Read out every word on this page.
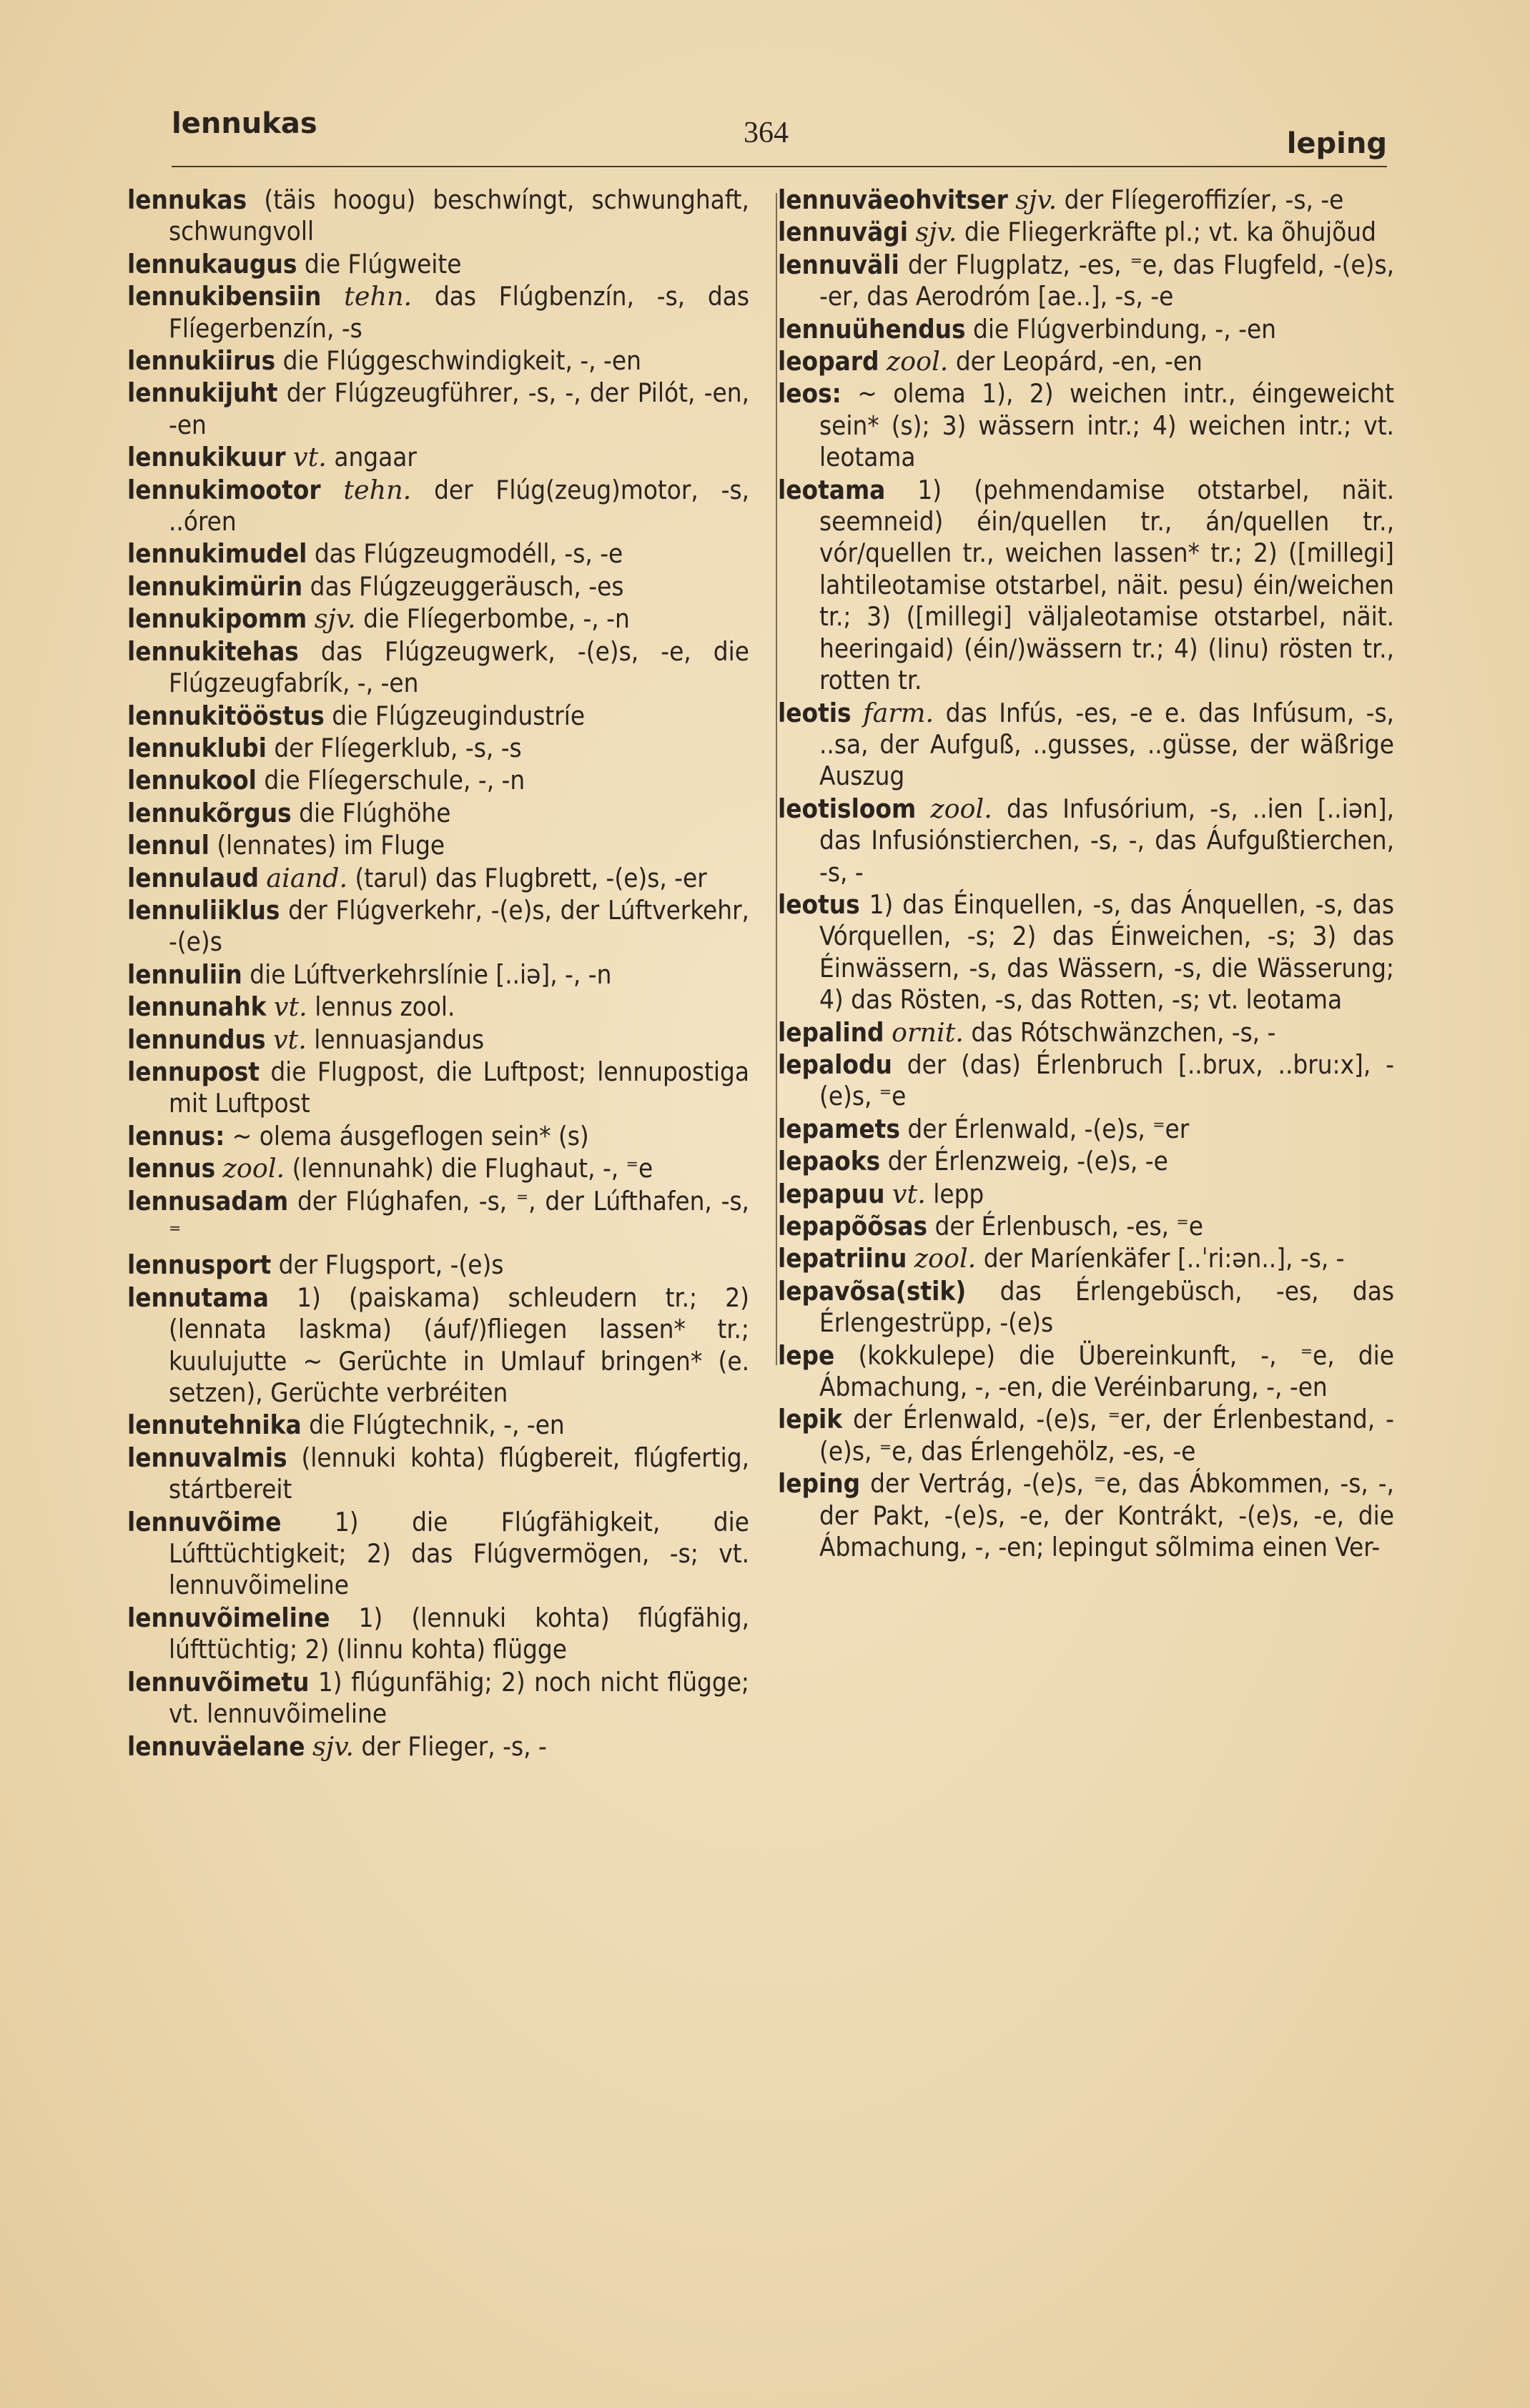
lennukas	364	leping
lennukas (täis hoogu) beschwíngt, schwunghaft, schwungvoll
lennukaugus die Flúgweite
lennukibensiin tehn. das Flúgbenzín, -s, das Flíegerbenzín, -s
lennukiirus die Flúggeschwindigkeit, -, -en
lennukijuht der Flúgzeugführer, -s, -, der Pilót, -en, -en
lennukikuur vt. angaar
lennukimootor tehn. der Flúg(zeug)motor, -s, ..óren
lennukimudel das Flúgzeugmodéll, -s, -e
lennukimürin das Flúgzeuggeräusch, -es
lennukipomm sjv. die Flíegerbombe, -, -n
lennukitehas das Flúgzeugwerk, -(e)s, -e, die Flúgzeugfabrík, -, -en
lennukitööstus die Flúgzeugindustríe
lennuklubi der Flíegerklub, -s, -s
lennukool die Flíegerschule, -, -n
lennukõrgus die Flúghöhe
lennul (lennates) im Fluge
lennulaud aiand. (tarul) das Flugbrett, -(e)s, -er
lennuliiklus der Flúgverkehr, -(e)s, der Lúftverkehr, -(e)s
lennuliin die Lúftverkehrslínie [..iə], -, -n
lennunahk vt. lennus zool.
lennundus vt. lennuasjandus
lennupost die Flugpost, die Luftpost; lennupostiga mit Luftpost
lennus: ~ olema áusgeflogen sein* (s)
lennus zool. (lennunahk) die Flughaut, -, ⁼e
lennusadam der Flúghafen, -s, ⁼, der Lúfthafen, -s, ⁼
lennusport der Flugsport, -(e)s
lennutama 1) (paiskama) schleudern tr.; 2) (lennata laskma) (áuf/)fliegen lassen* tr.; kuulujutte ~ Gerüchte in Umlauf bringen* (e. setzen), Gerüchte verbréiten
lennutehnika die Flúgtechnik, -, -en
lennuvalmis (lennuki kohta) flúgbereit, flúgfertig, stártbereit
lennuvõime 1) die Flúgfähigkeit, die Lúfttüchtigkeit; 2) das Flúgvermögen, -s; vt. lennuvõimeline
lennuvõimeline 1) (lennuki kohta) flúgfähig, lúfttüchtig; 2) (linnu kohta) flügge
lennuvõimetu 1) flúgunfähig; 2) noch nicht flügge; vt. lennuvõimeline
lennuväelane sjv. der Flieger, -s, -
lennuväeohvitser sjv. der Flíegeroffizíer, -s, -e
lennuvägi sjv. die Fliegerkräfte pl.; vt. ka õhujõud
lennuväli der Flugplatz, -es, ⁼e, das Flugfeld, -(e)s, -er, das Aerodróm [ae..], -s, -e
lennuühendus die Flúgverbindung, -, -en
leopard zool. der Leopárd, -en, -en
leos: ~ olema 1), 2) weichen intr., éingeweicht sein* (s); 3) wässern intr.; 4) weichen intr.; vt. leotama
leotama 1) (pehmendamise otstarbel, näit. seemneid) éin/quellen tr., án/quellen tr., vór/quellen tr., weichen lassen* tr.; 2) ([millegi] lahtileotamise otstarbel, näit. pesu) éin/weichen tr.; 3) ([millegi] väljaleotamise otstarbel, näit. heeringaid) (éin/)wässern tr.; 4) (linu) rösten tr., rotten tr.
leotis farm. das Infús, -es, -e e. das Infúsum, -s, ..sa, der Aufguß, ..gusses, ..güsse, der wäßrige Auszug
leotisloom zool. das Infusórium, -s, ..ien [..iən], das Infusiónstierchen, -s, -, das Áufgußtierchen, -s, -
leotus 1) das Éinquellen, -s, das Ánquellen, -s, das Vórquellen, -s; 2) das Éinweichen, -s; 3) das Éinwässern, -s, das Wässern, -s, die Wässerung; 4) das Rösten, -s, das Rotten, -s; vt. leotama
lepalind ornit. das Rótschwänzchen, -s, -
lepalodu der (das) Érlenbruch [..brux, ..bru:x], -(e)s, ⁼e
lepamets der Érlenwald, -(e)s, ⁼er
lepaoks der Érlenzweig, -(e)s, -e
lepapuu vt. lepp
lepapõõsas der Érlenbusch, -es, ⁼e
lepatriinu zool. der Maríenkäfer [..ˈri:ən..], -s, -
lepavõsa(stik) das Érlengebüsch, -es, das Érlengestrüpp, -(e)s
lepe (kokkulepe) die Übereinkunft, -, ⁼e, die Ábmachung, -, -en, die Veréinbarung, -, -en
lepik der Érlenwald, -(e)s, ⁼er, der Érlenbestand, -(e)s, ⁼e, das Érlengehölz, -es, -e
leping der Vertrág, -(e)s, ⁼e, das Ábkommen, -s, -, der Pakt, -(e)s, -e, der Kontrákt, -(e)s, -e, die Ábmachung, -, -en; lepingut sõlmima einen Ver-
